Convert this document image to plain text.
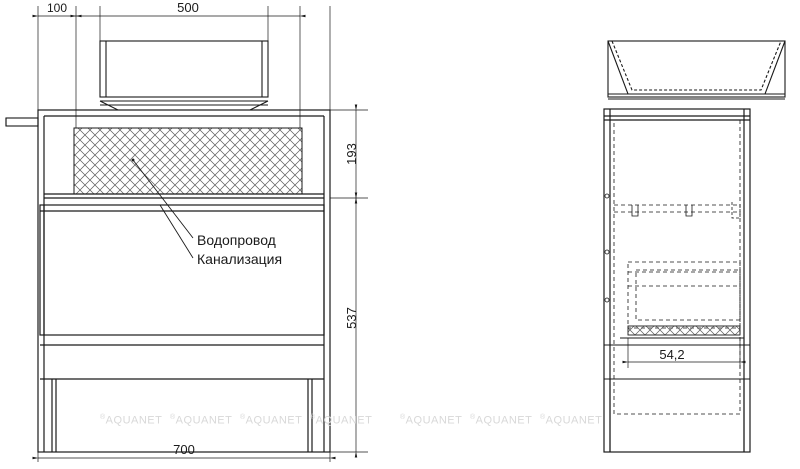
100	500
193
537
700
54,2
Водопровод
Канализация
®AQUANET ®AQUANET ®AQUANET ®AQUANET	®AQUANET ®AQUANET ®AQUANET
